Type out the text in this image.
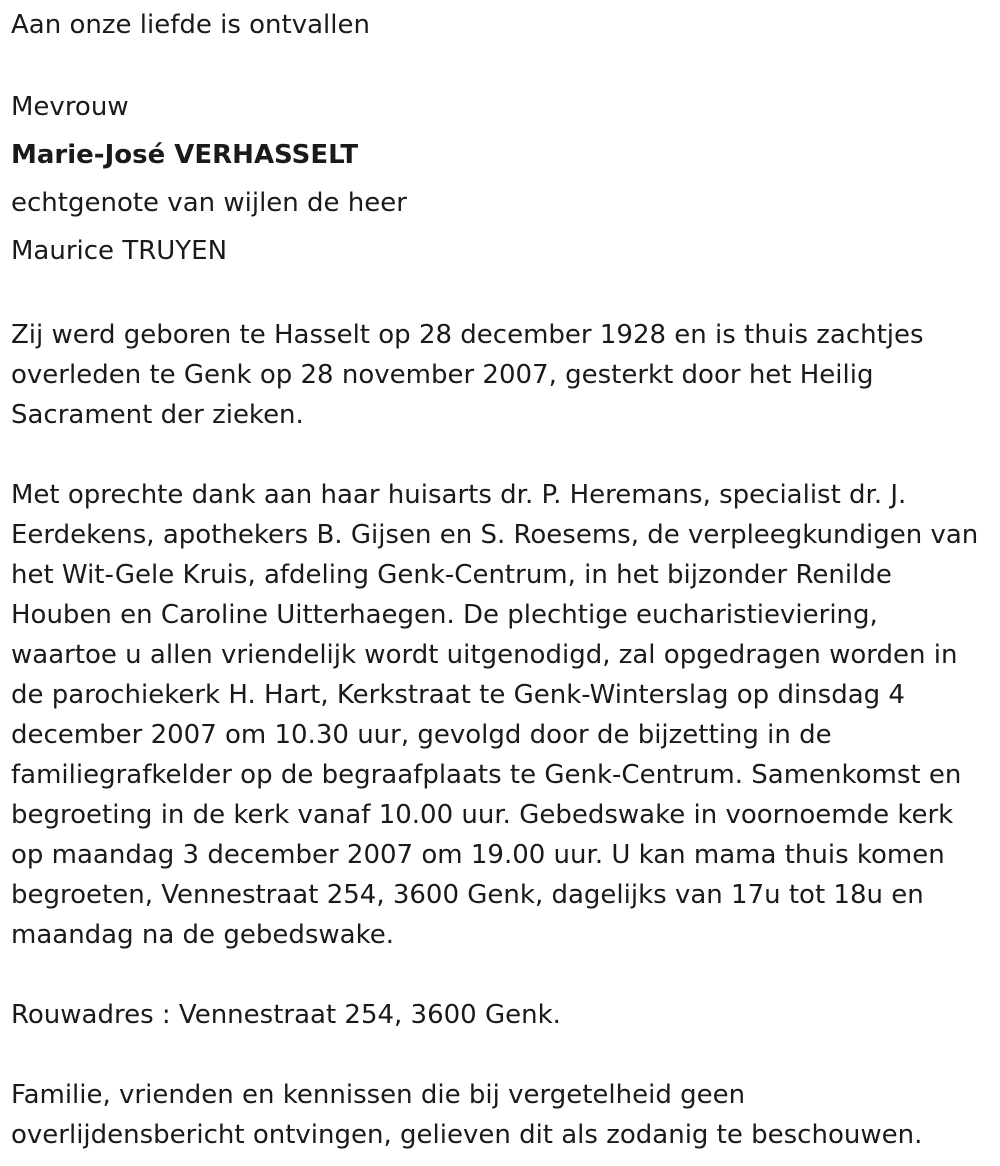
Aan onze liefde is ontvallen
Mevrouw
Marie-José VERHASSELT
echtgenote van wijlen de heer
Maurice TRUYEN
Zij werd geboren te Hasselt op 28 december 1928 en is thuis zachtjes
overleden te Genk op 28 november 2007, gesterkt door het Heilig
Sacrament der zieken.
Met oprechte dank aan haar huisarts dr. P. Heremans, specialist dr. J.
Eerdekens, apothekers B. Gijsen en S. Roesems, de verpleegkundigen van
het Wit-Gele Kruis, afdeling Genk-Centrum, in het bijzonder Renilde
Houben en Caroline Uitterhaegen. De plechtige eucharistieviering,
waartoe u allen vriendelijk wordt uitgenodigd, zal opgedragen worden in
de parochiekerk H. Hart, Kerkstraat te Genk-Winterslag op dinsdag 4
december 2007 om 10.30 uur, gevolgd door de bijzetting in de
familiegrafkelder op de begraafplaats te Genk-Centrum. Samenkomst en
begroeting in de kerk vanaf 10.00 uur. Gebedswake in voornoemde kerk
op maandag 3 december 2007 om 19.00 uur. U kan mama thuis komen
begroeten, Vennestraat 254, 3600 Genk, dagelijks van 17u tot 18u en
maandag na de gebedswake.
Rouwadres : Vennestraat 254, 3600 Genk.
Familie, vrienden en kennissen die bij vergetelheid geen
overlijdensbericht ontvingen, gelieven dit als zodanig te beschouwen.
